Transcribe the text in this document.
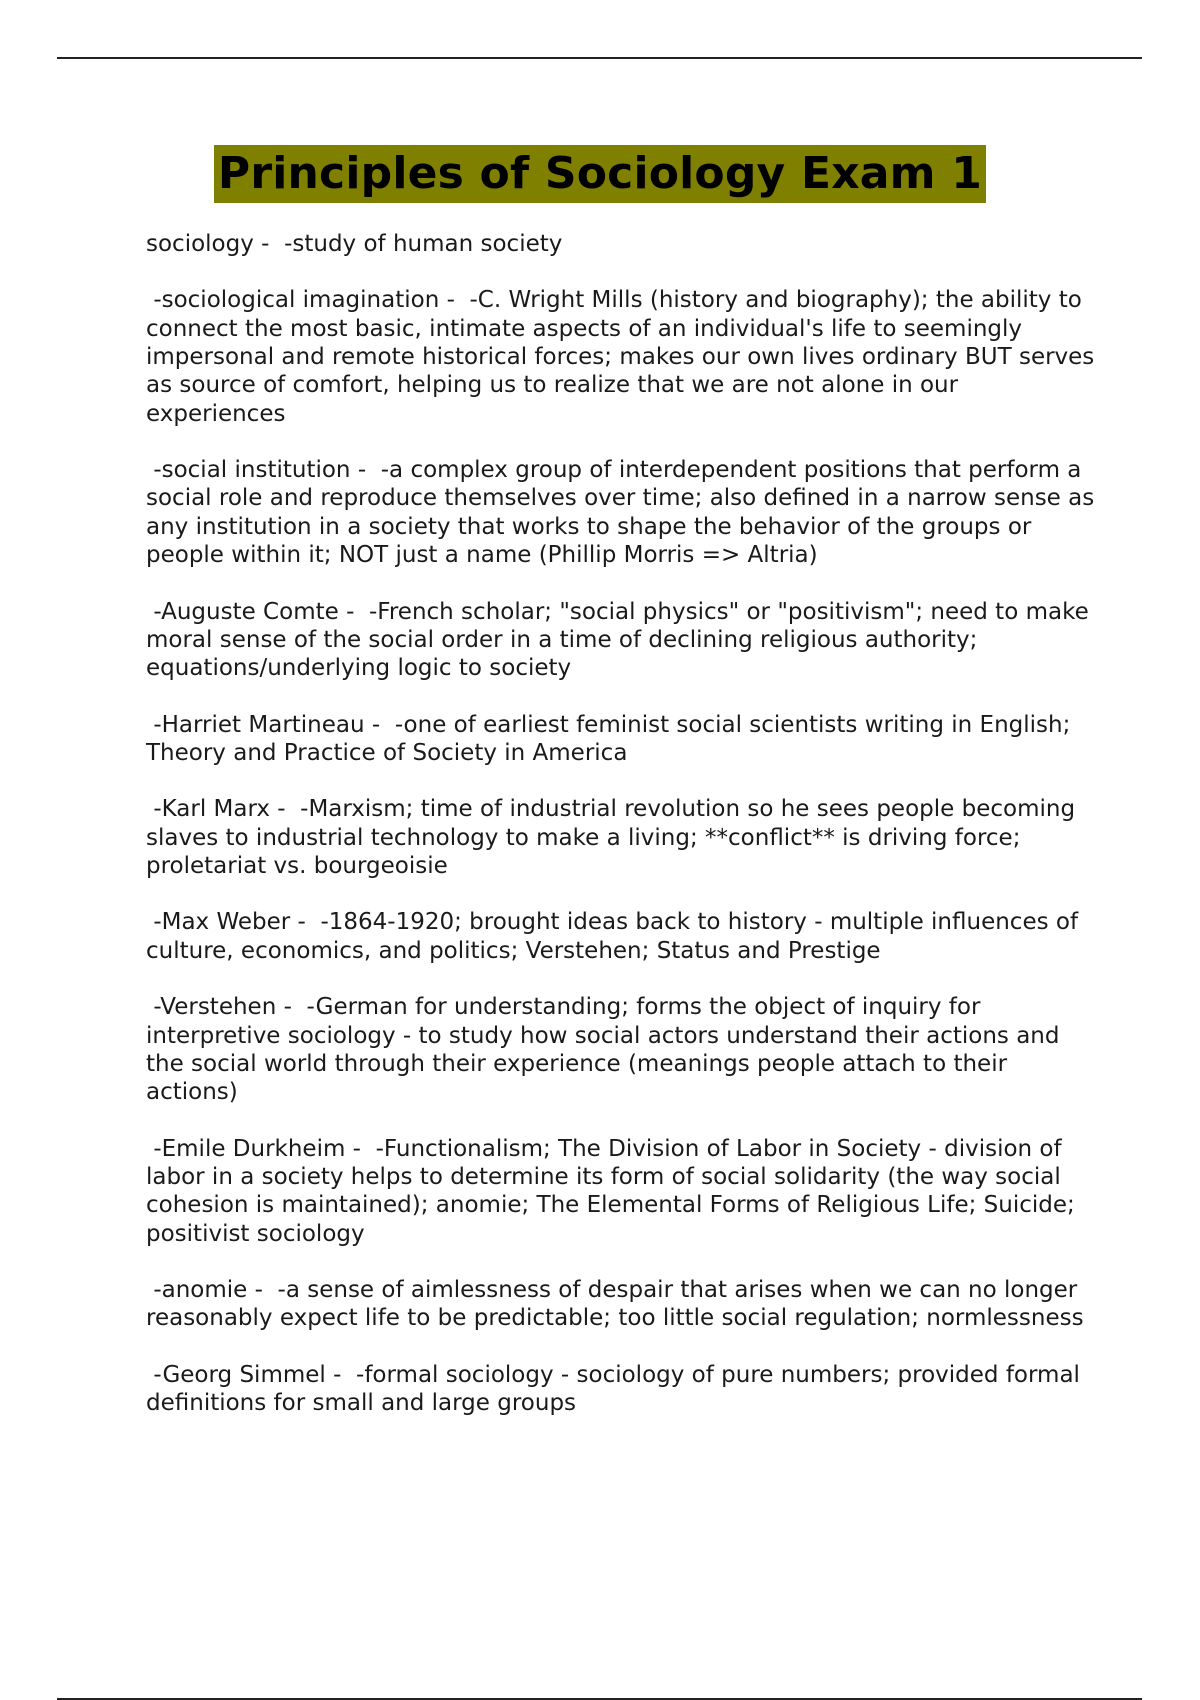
Principles of Sociology Exam 1
sociology -  -study of human society
-sociological imagination -  -C. Wright Mills (history and biography); the ability to connect the most basic, intimate aspects of an individual's life to seemingly impersonal and remote historical forces; makes our own lives ordinary BUT serves as source of comfort, helping us to realize that we are not alone in our experiences
-social institution -  -a complex group of interdependent positions that perform a social role and reproduce themselves over time; also defined in a narrow sense as any institution in a society that works to shape the behavior of the groups or people within it; NOT just a name (Phillip Morris => Altria)
-Auguste Comte -  -French scholar; "social physics" or "positivism"; need to make moral sense of the social order in a time of declining religious authority; equations/underlying logic to society
-Harriet Martineau -  -one of earliest feminist social scientists writing in English; Theory and Practice of Society in America
-Karl Marx -  -Marxism; time of industrial revolution so he sees people becoming slaves to industrial technology to make a living; **conflict** is driving force; proletariat vs. bourgeoisie
-Max Weber -  -1864-1920; brought ideas back to history - multiple influences of culture, economics, and politics; Verstehen; Status and Prestige
-Verstehen -  -German for understanding; forms the object of inquiry for interpretive sociology - to study how social actors understand their actions and the social world through their experience (meanings people attach to their actions)
-Emile Durkheim -  -Functionalism; The Division of Labor in Society - division of labor in a society helps to determine its form of social solidarity (the way social cohesion is maintained); anomie; The Elemental Forms of Religious Life; Suicide; positivist sociology
-anomie -  -a sense of aimlessness of despair that arises when we can no longer reasonably expect life to be predictable; too little social regulation; normlessness
-Georg Simmel -  -formal sociology - sociology of pure numbers; provided formal definitions for small and large groups
